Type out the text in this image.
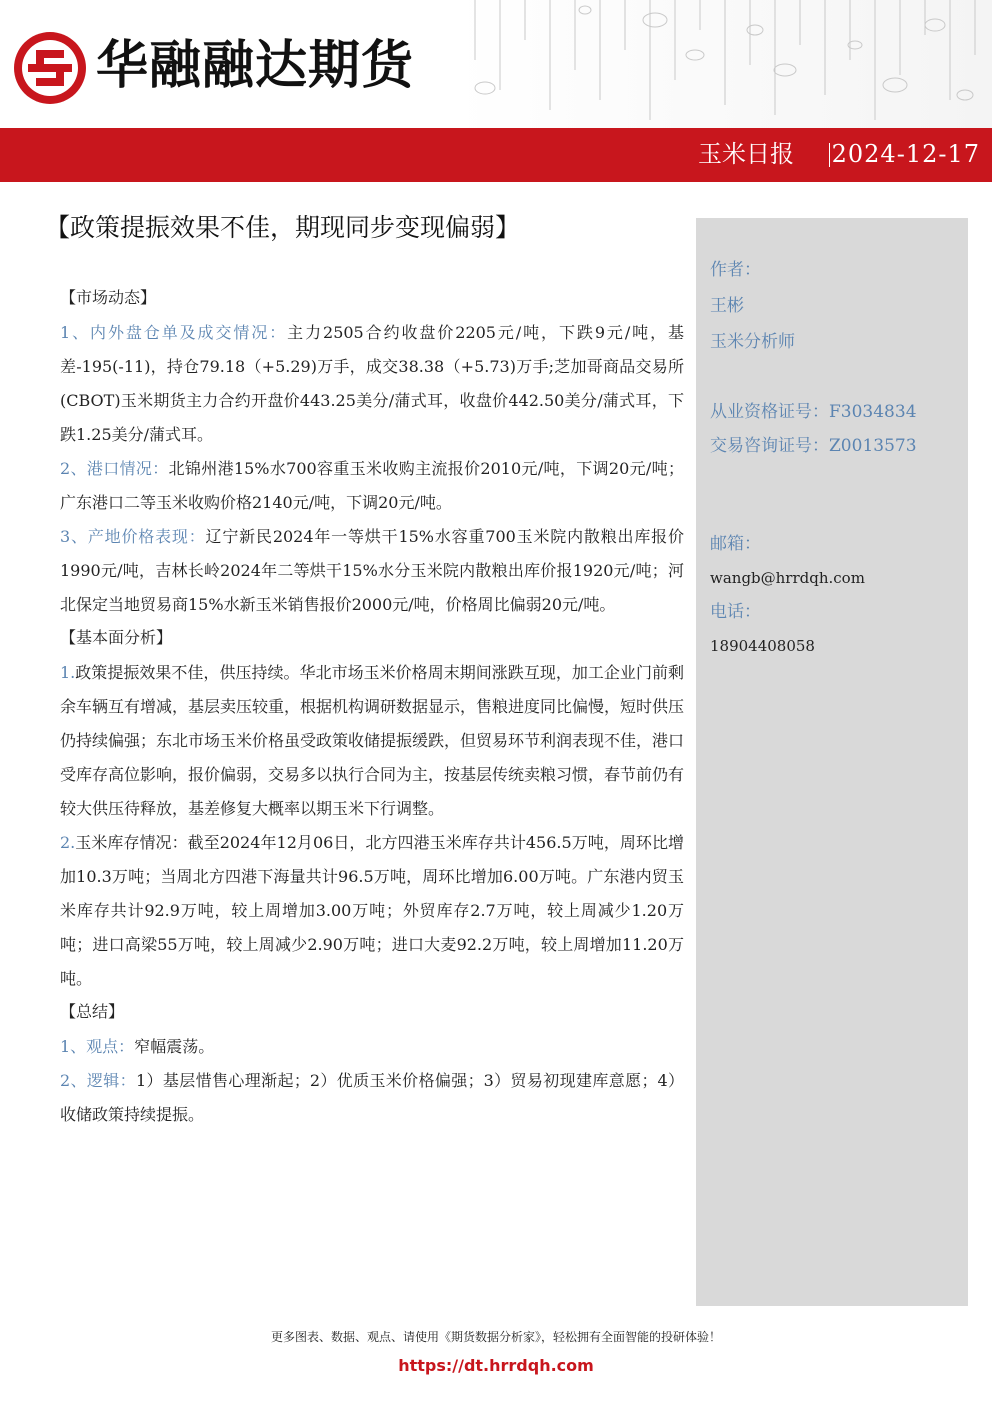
华融融达期货
玉米日报 2024-12-17
【政策提振效果不佳，期现同步变现偏弱】

【市场动态】

1、内外盘仓单及成交情况：主力2505合约收盘价2205元/吨，下跌9元/吨，基差-195(-11)，持仓79.18（+5.29)万手，成交38.38（+5.73)万手;芝加哥商品交易所(CBOT)玉米期货主力合约开盘价443.25美分/蒲式耳，收盘价442.50美分/蒲式耳，下跌1.25美分/蒲式耳。

2、港口情况：北锦州港15%水700容重玉米收购主流报价2010元/吨，下调20元/吨；广东港口二等玉米收购价格2140元/吨，下调20元/吨。

3、产地价格表现：辽宁新民2024年一等烘干15%水容重700玉米院内散粮出库报价1990元/吨，吉林长岭2024年二等烘干15%水分玉米院内散粮出库价报1920元/吨；河北保定当地贸易商15%水新玉米销售报价2000元/吨，价格周比偏弱20元/吨。

【基本面分析】

1.政策提振效果不佳，供压持续。华北市场玉米价格周末期间涨跌互现，加工企业门前剩余车辆互有增减，基层卖压较重，根据机构调研数据显示，售粮进度同比偏慢，短时供压仍持续偏强；东北市场玉米价格虽受政策收储提振缓跌，但贸易环节利润表现不佳，港口受库存高位影响，报价偏弱，交易多以执行合同为主，按基层传统卖粮习惯，春节前仍有较大供压待释放，基差修复大概率以期玉米下行调整。

2.玉米库存情况：截至2024年12月06日，北方四港玉米库存共计456.5万吨，周环比增加10.3万吨；当周北方四港下海量共计96.5万吨，周环比增加6.00万吨。广东港内贸玉米库存共计92.9万吨，较上周增加3.00万吨；外贸库存2.7万吨，较上周减少1.20万吨；进口高梁55万吨，较上周减少2.90万吨；进口大麦92.2万吨，较上周增加11.20万吨。

【总结】

1、观点：窄幅震荡。

2、逻辑：1）基层惜售心理渐起；2）优质玉米价格偏强；3）贸易初现建库意愿；4）收储政策持续提振。

作者：
王彬
玉米分析师
从业资格证号：F3034834
交易咨询证号：Z0013573
邮箱：
wangb@hrrdqh.com
电话：
18904408058
更多图表、数据、观点、请使用《期货数据分析家》，轻松拥有全面智能的投研体验！
https://dt.hrrdqh.com
